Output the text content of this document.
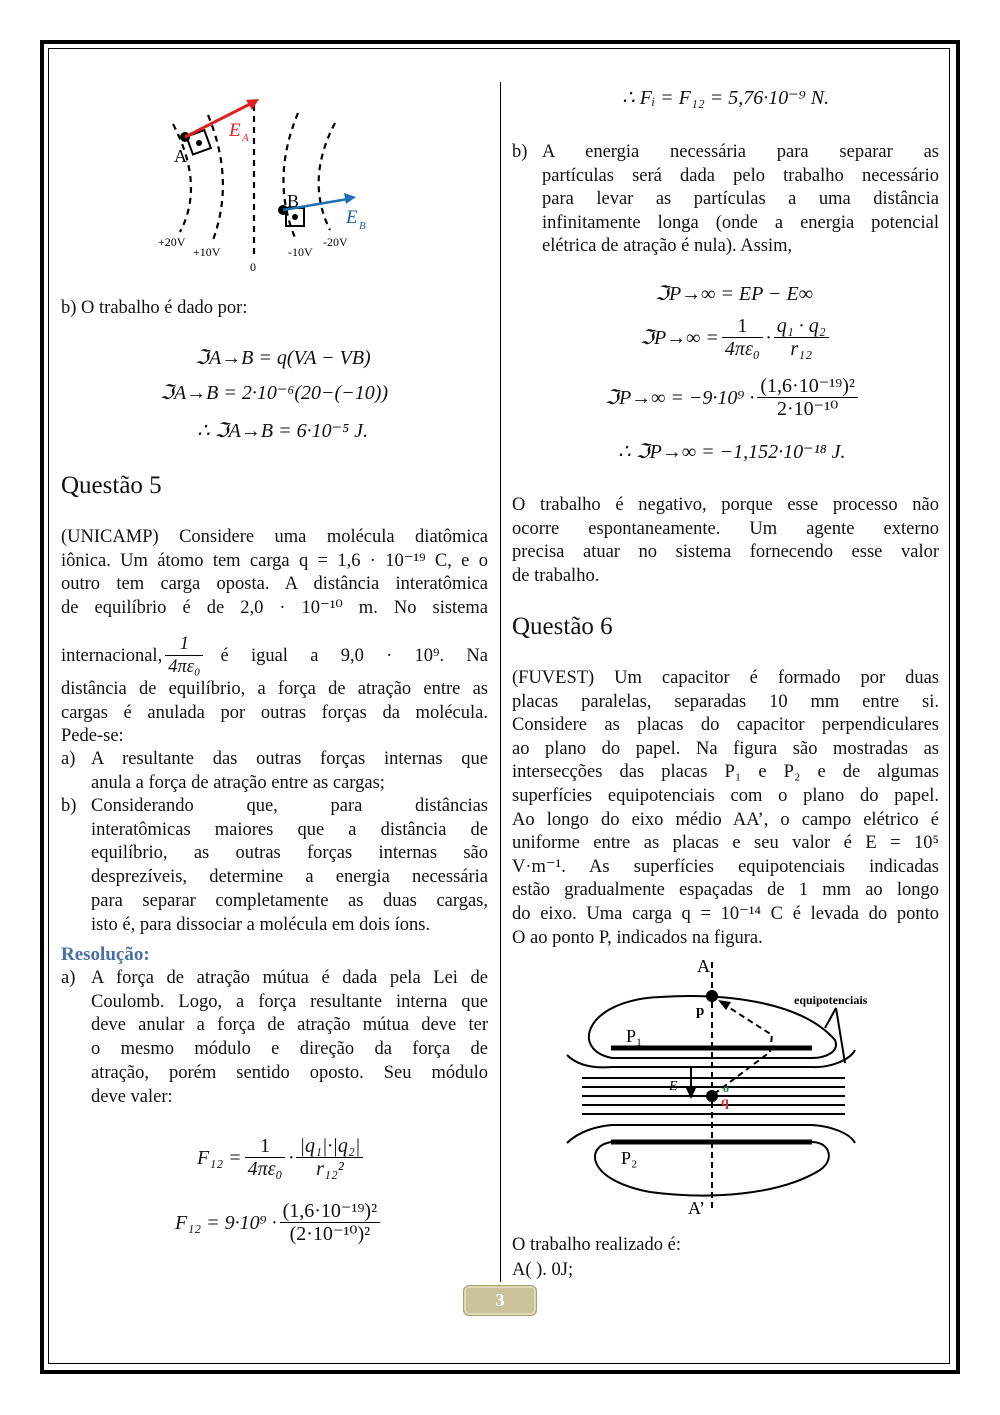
A
B
E A
E B
+20V
+10V
0
-10V
-20V
b) O trabalho é dado por:
ℑA→B = q(VA − VB)
ℑA→B = 2·10⁻⁶(20−(−10))
∴ ℑA→B = 6·10⁻⁵ J.
Questão 5
(UNICAMP) Considere uma molécula diatômica
iônica. Um átomo tem carga q = 1,6 · 10⁻¹⁹ C, e o
outro tem carga oposta. A distância interatômica
de equilíbrio é de 2,0 · 10⁻¹⁰ m. No sistema
internacional, $\frac{1}{\text{4πε₀}}$ é igual a 9,0 · 10⁹. Na
distância de equilíbrio, a força de atração entre as
cargas é anulada por outras forças da molécula.
Pede-se:
A resultante das outras forças internas que
anula a força de atração entre as cargas;
Considerando que, para distâncias
interatômicas maiores que a distância de
equilíbrio, as outras forças internas são
desprezíveis, determine a energia necessária
para separar completamente as duas cargas,
isto é, para dissociar a molécula em dois íons.
Resolução:
A força de atração mútua é dada pela Lei de
Coulomb. Logo, a força resultante interna que
deve anular a força de atração mútua deve ter
o mesmo módulo e direção da força de
atração, porém sentido oposto. Seu módulo
deve valer:
$F_{12} = \frac{1}{\text{4πε₀}} \cdot \frac{\text{|q₁|·|q₂|}}{\text{r₁₂²}}$
$F_{12} = 9\cdot 10^9 \cdot \frac{\text{(1,6·10⁻¹⁹)²}}{\text{(2·10⁻¹⁰)²}}$
∴ Fᵢ = F₁₂ = 5,76·10⁻⁹ N.
b) A energia necessária para separar as
partículas será dada pelo trabalho necessário
para levar as partículas a uma distância
infinitamente longa (onde a energia potencial
elétrica de atração é nula). Assim,
ℑP→∞ = EP − E∞
ℑP→∞ = $\frac{1}{\text{4πε₀}} \cdot \frac{\text{q₁ · q₂}}{\text{r₁₂}}$
ℑP→∞ = $-9\cdot 10^9 \cdot \frac{\text{(1,6·10⁻¹⁹)²}}{\text{2·10⁻¹⁰}}$
∴ ℑP→∞ = −1,152·10⁻¹⁸ J.
O trabalho é negativo, porque esse processo não
ocorre espontaneamente. Um agente externo
precisa atuar no sistema fornecendo esse valor
de trabalho.
Questão 6
(FUVEST) Um capacitor é formado por duas
placas paralelas, separadas 10 mm entre si.
Considere as placas do capacitor perpendiculares
ao plano do papel. Na figura são mostradas as
intersecções das placas P₁ e P₂ e de algumas
superfícies equipotenciais com o plano do papel.
Ao longo do eixo médio AA’, o campo elétrico é
uniforme entre as placas e seu valor é E = 10⁵
V·m⁻¹. As superfícies equipotenciais indicadas
estão gradualmente espaçadas de 1 mm ao longo
do eixo. Uma carga q = 10⁻¹⁴ C é levada do ponto
O ao ponto P, indicados na figura.
A
A’
p
P₁
P₂
E
q
o
equipotenciais
O trabalho realizado é:
A( ). 0J;
3
a)
b)
a)
